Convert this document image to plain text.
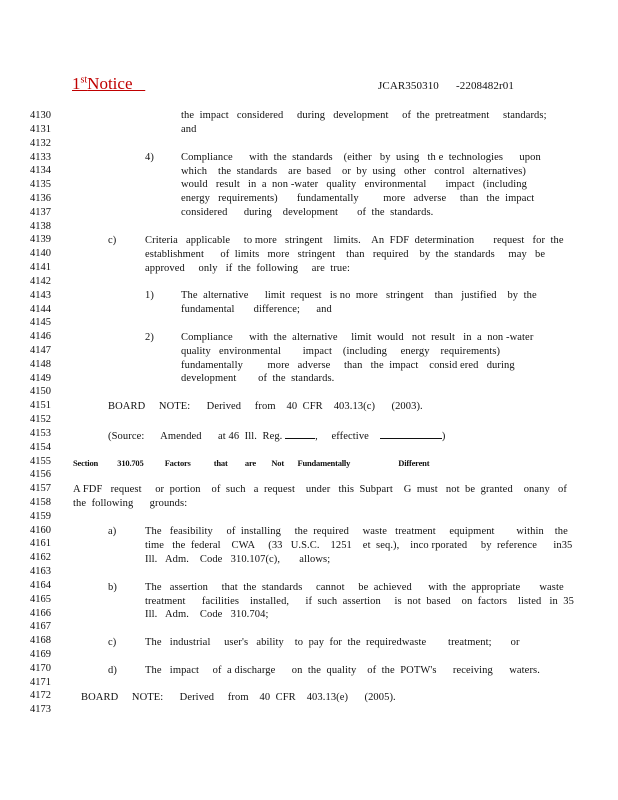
1stNotice	JCAR350310      -2208482r01
4130
4131
4132
4133
4134
4135
4136
4137
4138
4139
4140
4141
4142
4143
4144
4145
4146
4147
4148
4149
4150
4151
4152
4153
4154
4155
4156
4157
4158
4159
4160
4161
4162
4163
4164
4165
4166
4167
4168
4169
4170
4171
4172
4173
the  impact   considered     during   development     of  the  pretreatment     standards;
and
4)	Compliance      with  the  standards    (either   by  using   th e  technologies      upon
which    the  standards    are  based    or  by  using   other   control   alternatives)
would   result   in  a  non -water   quality   environmental       impact   (including
energy   requirements)       fundamentally         more   adverse     than   the  impact
considered      during    development       of  the  standards.
c)	Criteria   applicable     to more   stringent    limits.    An  FDF  determination       request   for  the
establishment      of  limits   more   stringent    than   required    by  the  standards     may   be
approved     only   if  the  following     are  true:
1)	The  alternative      limit  request   is no  more   stringent    than   justified    by  the
fundamental       difference;      and
2)	Compliance      with  the  alternative     limit  would   not  result   in  a  non -water
quality   environmental        impact    (including     energy    requirements)
fundamentally         more   adverse     than   the  impact    consid ered   during
development        of  the  standards.
BOARD     NOTE:      Derived     from    40  CFR    403.13(c)      (2003).
(Source:      Amended      at 46  Ill.  Reg.	,     effective	)
Section          310.705           Factors            that         are        Not       Fundamentally                         Different
A FDF   request     or  portion    of  such   a  request    under   this  Subpart    G  must   not  be  granted    onany   of
the  following      grounds:
a)	The   feasibility     of  installing     the  required     waste   treatment     equipment        within    the
time   the  federal    CWA     (33   U.S.C.    1251    et  seq.),    inco rporated     by  reference      in35
Ill.   Adm.    Code   310.107(c),       allows;
b)	The   assertion     that  the  standards     cannot     be  achieved      with  the  appropriate       waste
treatment      facilities    installed,      if  such  assertion     is  not  based    on  factors    listed   in  35
Ill.   Adm.    Code   310.704;
c)	The   industrial     user's   ability    to  pay  for  the  requiredwaste        treatment;       or
d)	The   impact     of  a discharge      on  the  quality    of  the  POTW's      receiving      waters.
BOARD     NOTE:      Derived     from    40  CFR    403.13(e)      (2005).
